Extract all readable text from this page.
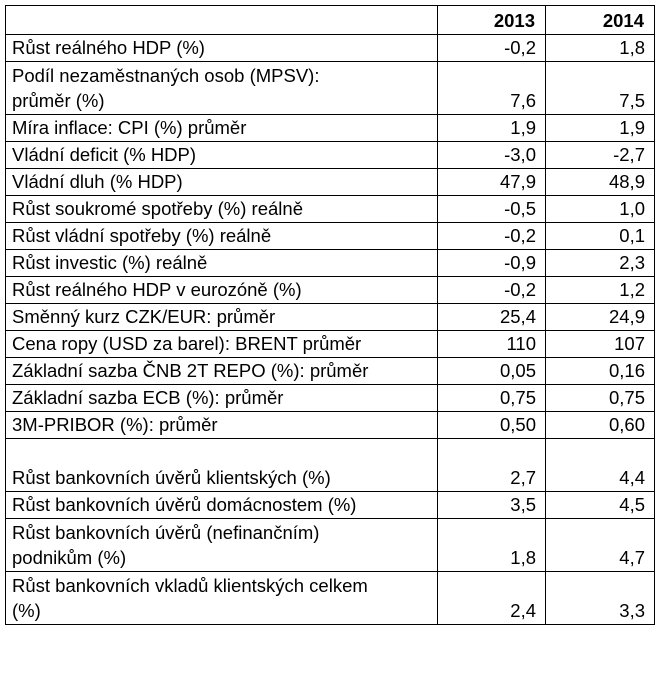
	2013	2014

Růst reálného HDP (%)	-0,2	1,8

Podíl nezaměstnaných osob (MPSV):
průměr (%)	7,6	7,5

Míra inflace: CPI (%) průměr	1,9	1,9

Vládní deficit (% HDP)	-3,0	-2,7

Vládní dluh (% HDP)	47,9	48,9

Růst soukromé spotřeby (%) reálně	-0,5	1,0

Růst vládní spotřeby (%) reálně	-0,2	0,1

Růst investic (%) reálně	-0,9	2,3

Růst reálného HDP v eurozóně (%)	-0,2	1,2

Směnný kurz CZK/EUR: průměr	25,4	24,9

Cena ropy (USD za barel): BRENT průměr	110	107

Základní sazba ČNB 2T REPO (%): průměr	0,05	0,16

Základní sazba ECB (%): průměr	0,75	0,75

3M-PRIBOR (%): průměr	0,50	0,60

Růst bankovních úvěrů klientských (%)	2,7	4,4

Růst bankovních úvěrů domácnostem (%)	3,5	4,5

Růst bankovních úvěrů (nefinančním)
podnikům (%)	1,8	4,7

Růst bankovních vkladů klientských celkem
(%)	2,4	3,3
